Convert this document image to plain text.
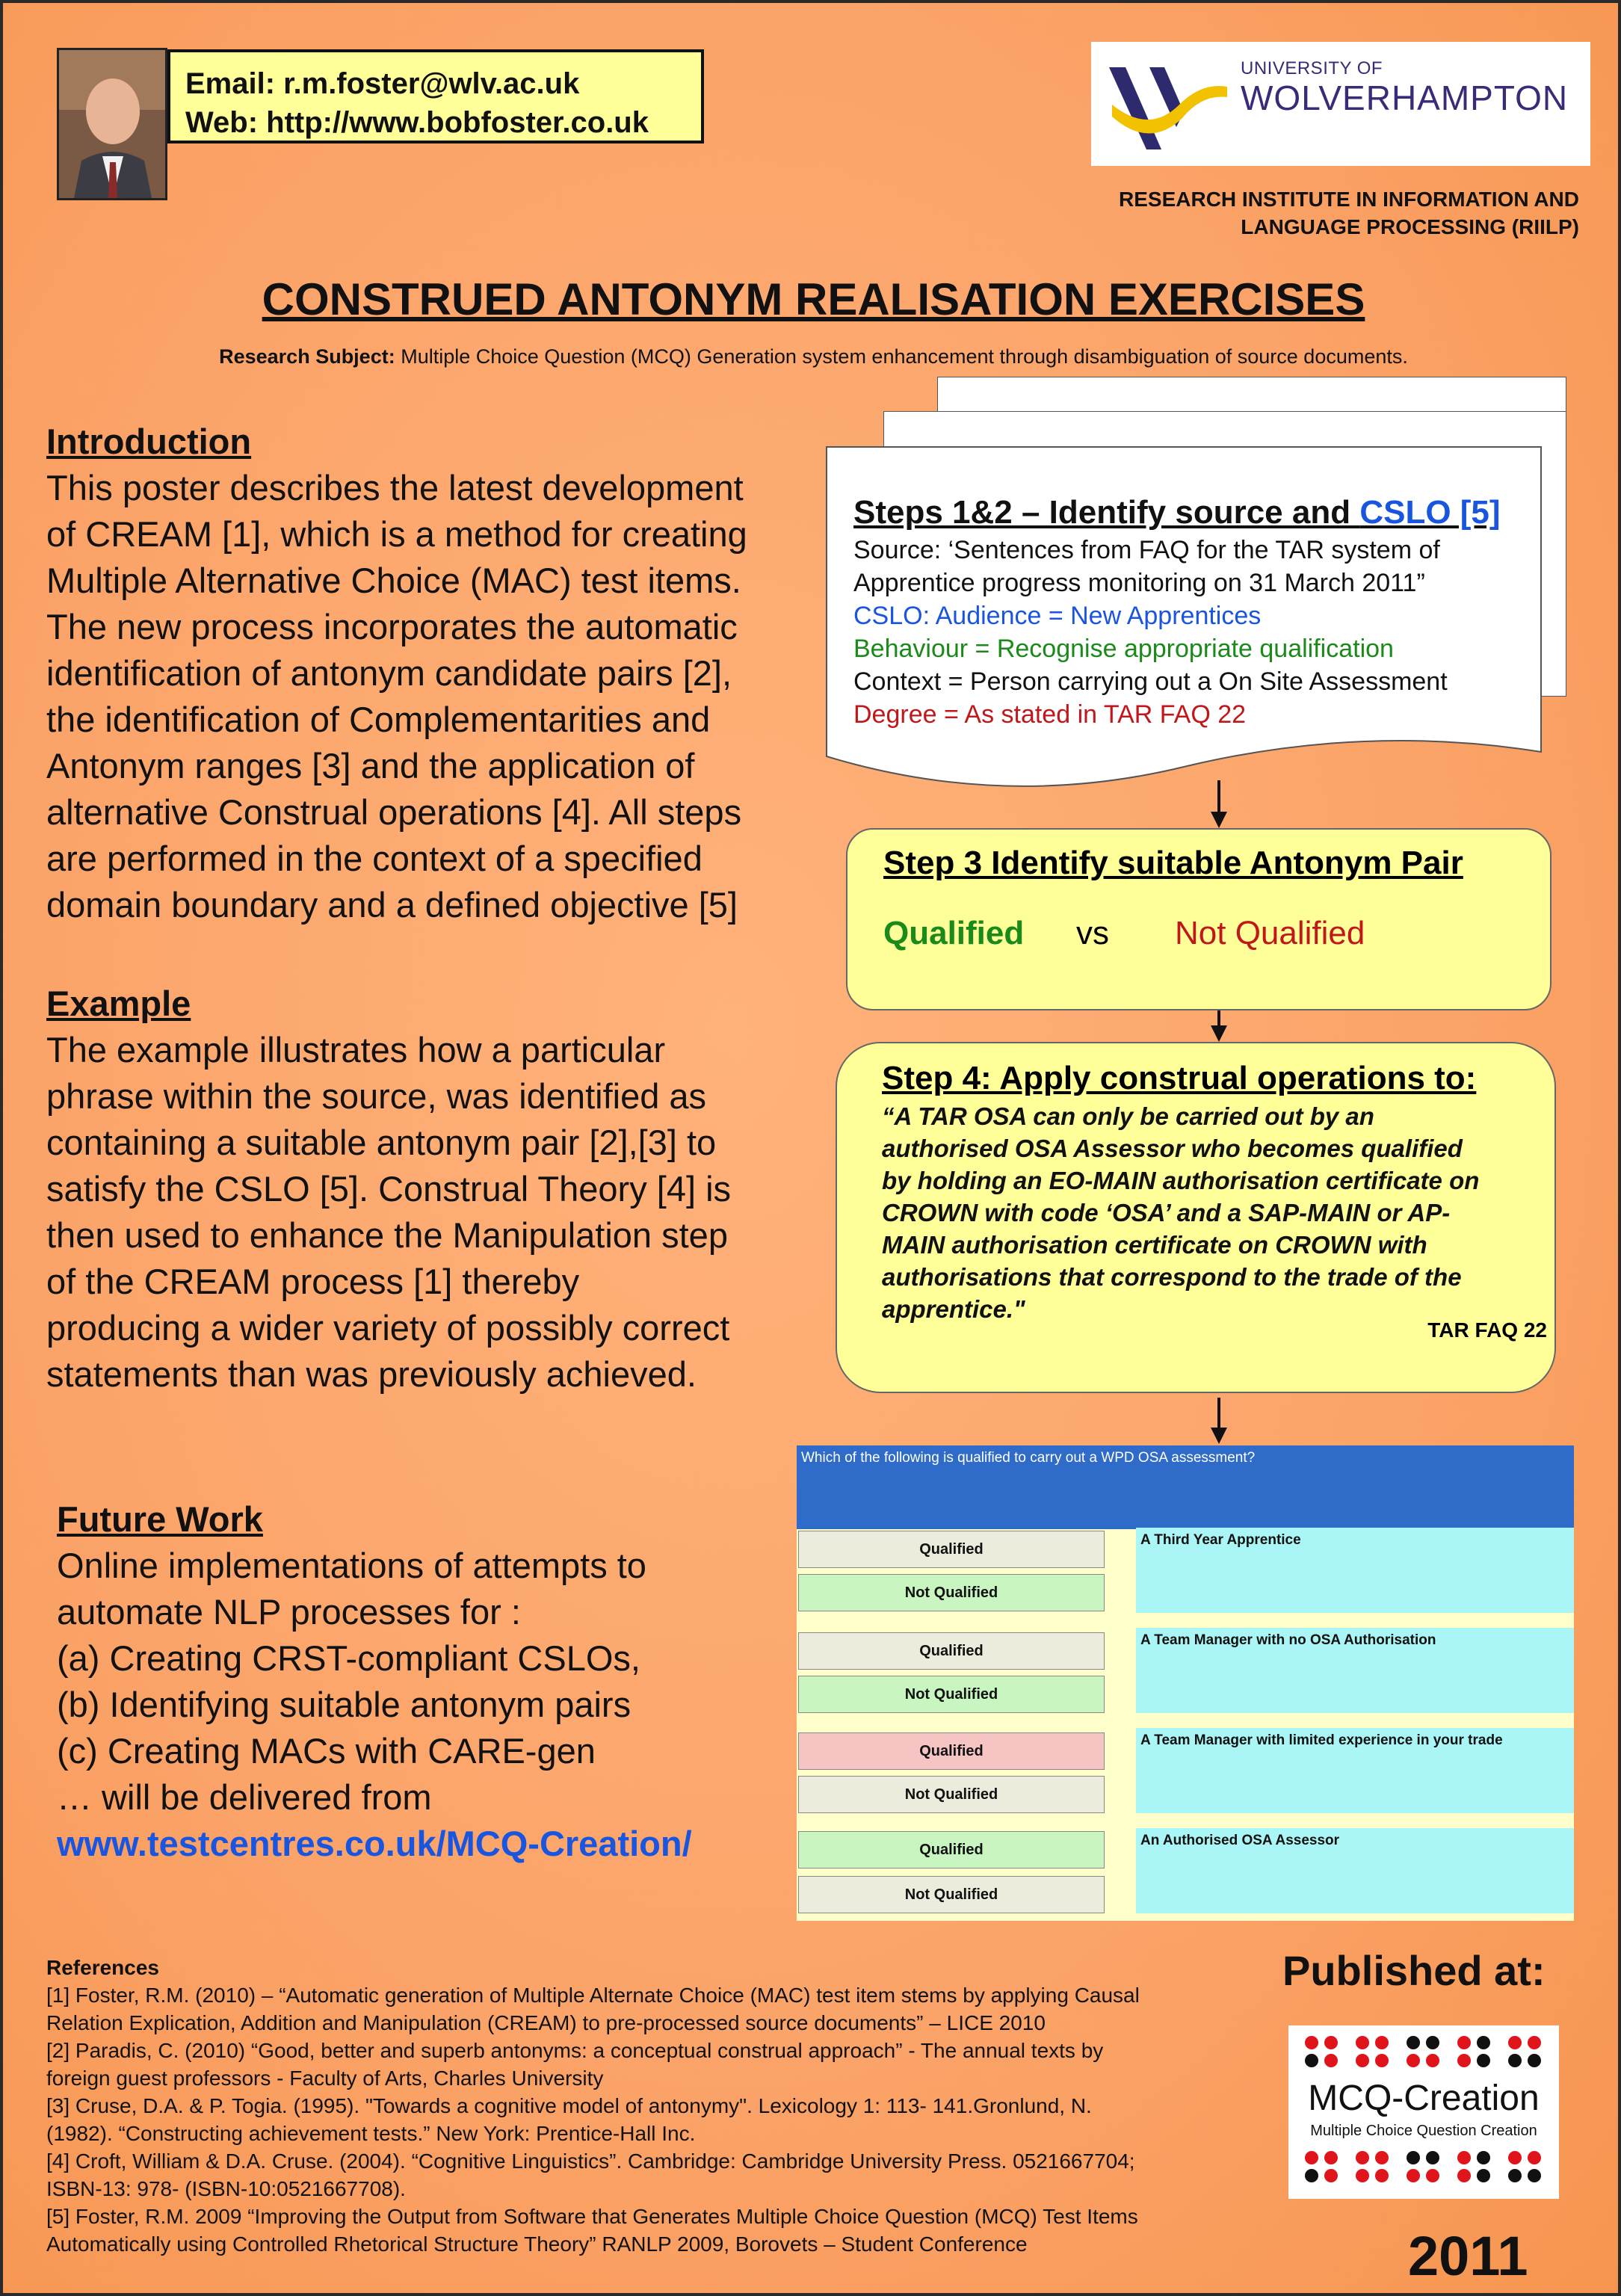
Email: r.m.foster@wlv.ac.uk
Web: http://www.bobfoster.co.uk
UNIVERSITY OF
WOLVERHAMPTON
RESEARCH INSTITUTE IN INFORMATION AND
LANGUAGE PROCESSING (RIILP)
CONSTRUED ANTONYM REALISATION EXERCISES
Research Subject: Multiple Choice Question (MCQ) Generation system enhancement through disambiguation of source documents.
Introduction
This poster describes the latest development
of CREAM [1], which is a method for creating
Multiple Alternative Choice (MAC) test items.
The new process incorporates the automatic
identification of antonym candidate pairs [2],
the identification of Complementarities and
Antonym ranges [3] and the application of
alternative Construal operations [4]. All steps
are performed in the context of a specified
domain boundary and a defined objective [5]
Example
The example illustrates how a particular
phrase within the source, was identified as
containing a suitable antonym pair [2],[3] to
satisfy the CSLO [5]. Construal Theory [4] is
then used to enhance the Manipulation step
of the CREAM process [1] thereby
producing a wider variety of possibly correct
statements than was previously achieved.
Future Work
Online implementations of attempts to
automate NLP processes for :
(a) Creating CRST-compliant CSLOs,
(b) Identifying suitable antonym pairs
(c) Creating MACs with CARE-gen
… will be delivered from
www.testcentres.co.uk/MCQ-Creation/
Steps 1&2 – Identify source and CSLO [5]
Source: ‘Sentences from FAQ for the TAR system of
Apprentice progress monitoring on 31 March 2011”
CSLO: Audience = New Apprentices
Behaviour = Recognise appropriate qualification
Context = Person carrying out a On Site Assessment
Degree = As stated in TAR FAQ 22
Step 3 Identify suitable Antonym Pair
Qualified vs Not Qualified
Step 4: Apply construal operations to:
“A TAR OSA can only be carried out by an
authorised OSA Assessor who becomes qualified
by holding an EO-MAIN authorisation certificate on
CROWN with code ‘OSA’ and a SAP-MAIN or AP-
MAIN authorisation certificate on CROWN with
authorisations that correspond to the trade of the
apprentice."
TAR FAQ 22
Which of the following is qualified to carry out a WPD OSA assessment?
Qualified
Not Qualified
A Third Year Apprentice
Qualified
Not Qualified
A Team Manager with no OSA Authorisation
Qualified
Not Qualified
A Team Manager with limited experience in your trade
Qualified
Not Qualified
An Authorised OSA Assessor
References
[1] Foster, R.M. (2010) – “Automatic generation of Multiple Alternate Choice (MAC) test item stems by applying Causal
Relation Explication, Addition and Manipulation (CREAM) to pre-processed source documents” – LICE 2010
[2] Paradis, C. (2010) “Good, better and superb antonyms: a conceptual construal approach” - The annual texts by
foreign guest professors - Faculty of Arts, Charles University
[3] Cruse, D.A. & P. Togia. (1995). "Towards a cognitive model of antonymy". Lexicology 1: 113- 141.Gronlund, N.
(1982). “Constructing achievement tests.” New York: Prentice-Hall Inc.
[4] Croft, William & D.A. Cruse. (2004). “Cognitive Linguistics”. Cambridge: Cambridge University Press. 0521667704;
ISBN-13: 978- (ISBN-10:0521667708).
[5] Foster, R.M. 2009 “Improving the Output from Software that Generates Multiple Choice Question (MCQ) Test Items
Automatically using Controlled Rhetorical Structure Theory” RANLP 2009, Borovets – Student Conference
Published at:
MCQ-Creation
Multiple Choice Question Creation
2011
